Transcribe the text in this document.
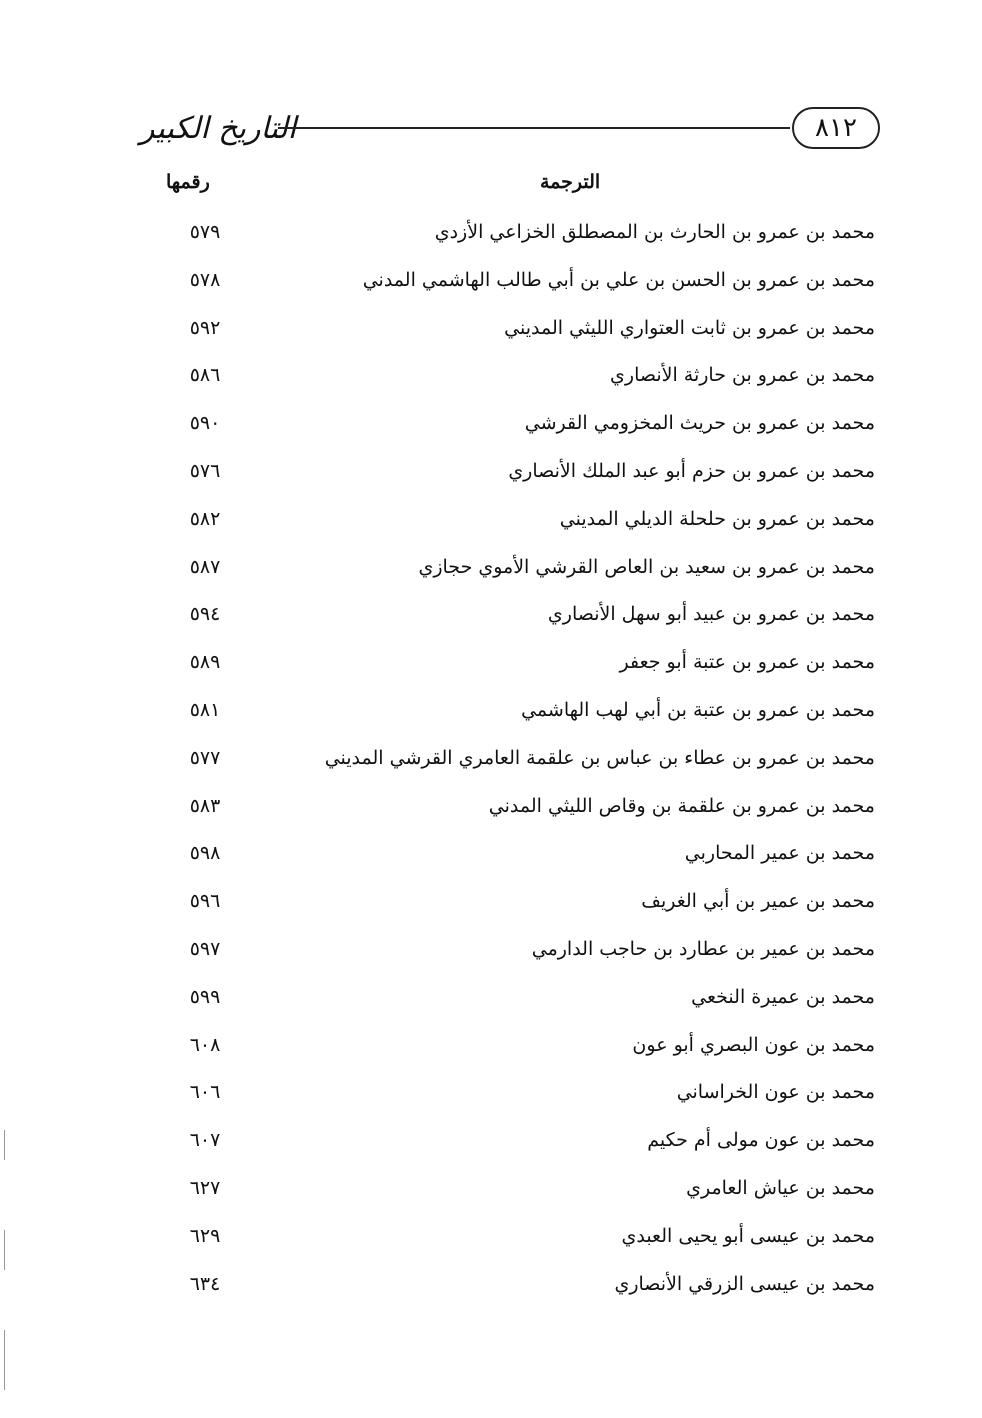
التاريخ الكبير	٨١٢
الترجمة
رقمها
محمد بن عمرو بن الحارث بن المصطلق الخزاعي الأزدي
٥٧٩
محمد بن عمرو بن الحسن بن علي بن أبي طالب الهاشمي المدني
٥٧٨
محمد بن عمرو بن ثابت العتواري الليثي المديني
٥٩٢
محمد بن عمرو بن حارثة الأنصاري
٥٨٦
محمد بن عمرو بن حريث المخزومي القرشي
٥٩٠
محمد بن عمرو بن حزم أبو عبد الملك الأنصاري
٥٧٦
محمد بن عمرو بن حلحلة الديلي المديني
٥٨٢
محمد بن عمرو بن سعيد بن العاص القرشي الأموي حجازي
٥٨٧
محمد بن عمرو بن عبيد أبو سهل الأنصاري
٥٩٤
محمد بن عمرو بن عتبة أبو جعفر
٥٨٩
محمد بن عمرو بن عتبة بن أبي لهب الهاشمي
٥٨١
محمد بن عمرو بن عطاء بن عباس بن علقمة العامري القرشي المديني
٥٧٧
محمد بن عمرو بن علقمة بن وقاص الليثي المدني
٥٨٣
محمد بن عمير المحاربي
٥٩٨
محمد بن عمير بن أبي الغريف
٥٩٦
محمد بن عمير بن عطارد بن حاجب الدارمي
٥٩٧
محمد بن عميرة النخعي
٥٩٩
محمد بن عون البصري أبو عون
٦٠٨
محمد بن عون الخراساني
٦٠٦
محمد بن عون مولى أم حكيم
٦٠٧
محمد بن عياش العامري
٦٢٧
محمد بن عيسى أبو يحيى العبدي
٦٢٩
محمد بن عيسى الزرقي الأنصاري
٦٣٤
